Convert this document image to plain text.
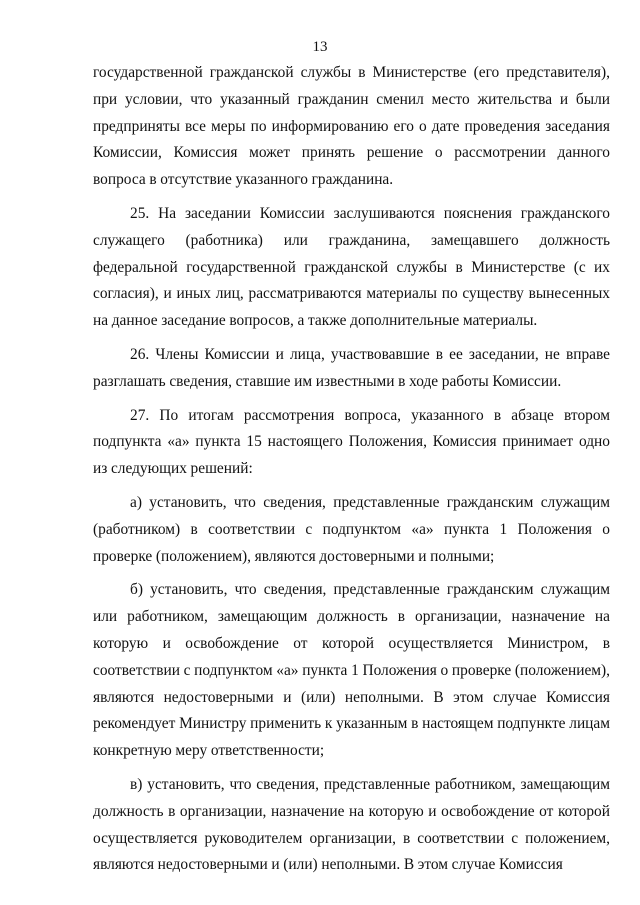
13

государственной гражданской службы в Министерстве (его представителя), при условии, что указанный гражданин сменил место жительства и были предприняты все меры по информированию его о дате проведения заседания Комиссии, Комиссия может принять решение о рассмотрении данного вопроса в отсутствие указанного гражданина.

25. На заседании Комиссии заслушиваются пояснения гражданского служащего (работника) или гражданина, замещавшего должность федеральной государственной гражданской службы в Министерстве (с их согласия), и иных лиц, рассматриваются материалы по существу вынесенных на данное заседание вопросов, а также дополнительные материалы.

26. Члены Комиссии и лица, участвовавшие в ее заседании, не вправе разглашать сведения, ставшие им известными в ходе работы Комиссии.

27. По итогам рассмотрения вопроса, указанного в абзаце втором подпункта «а» пункта 15 настоящего Положения, Комиссия принимает одно из следующих решений:

а) установить, что сведения, представленные гражданским служащим (работником) в соответствии с подпунктом «а» пункта 1 Положения о проверке (положением), являются достоверными и полными;

б) установить, что сведения, представленные гражданским служащим или работником, замещающим должность в организации, назначение на которую и освобождение от которой осуществляется Министром, в соответствии с подпунктом «а» пункта 1 Положения о проверке (положением), являются недостоверными и (или) неполными. В этом случае Комиссия рекомендует Министру применить к указанным в настоящем подпункте лицам конкретную меру ответственности;

в) установить, что сведения, представленные работником, замещающим должность в организации, назначение на которую и освобождение от которой осуществляется руководителем организации, в соответствии с положением, являются недостоверными и (или) неполными. В этом случае Комиссия
